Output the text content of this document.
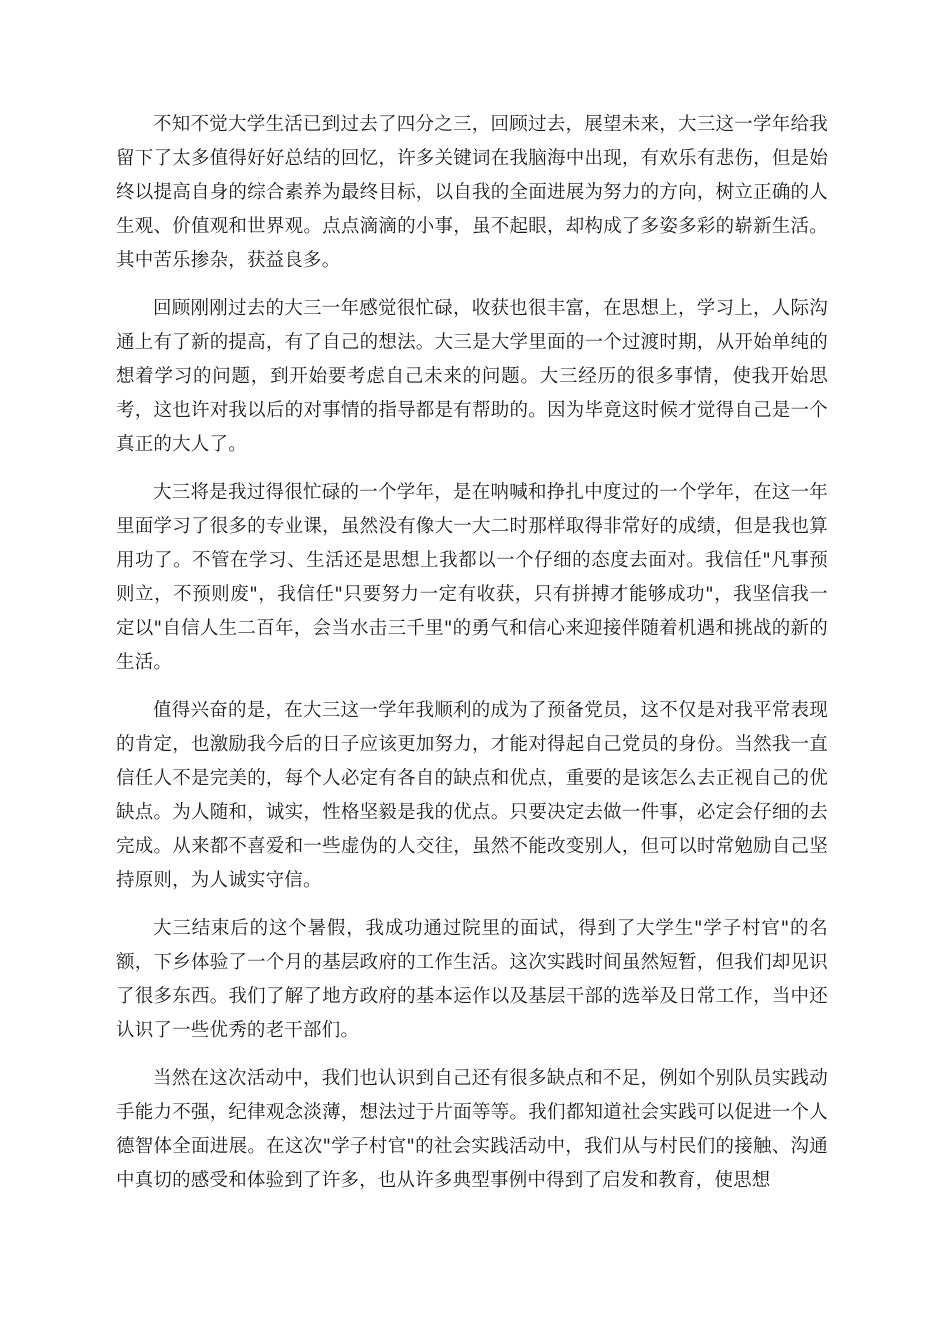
不知不觉大学生活已到过去了四分之三，回顾过去，展望未来，大三这一学年给我留下了太多值得好好总结的回忆，许多关键词在我脑海中出现，有欢乐有悲伤，但是始终以提高自身的综合素养为最终目标，以自我的全面进展为努力的方向，树立正确的人生观、价值观和世界观。点点滴滴的小事，虽不起眼，却构成了多姿多彩的崭新生活。其中苦乐掺杂，获益良多。

回顾刚刚过去的大三一年感觉很忙碌，收获也很丰富，在思想上，学习上，人际沟通上有了新的提高，有了自己的想法。大三是大学里面的一个过渡时期，从开始单纯的想着学习的问题，到开始要考虑自己未来的问题。大三经历的很多事情，使我开始思考，这也许对我以后的对事情的指导都是有帮助的。因为毕竟这时候才觉得自己是一个真正的大人了。

大三将是我过得很忙碌的一个学年，是在呐喊和挣扎中度过的一个学年，在这一年里面学习了很多的专业课，虽然没有像大一大二时那样取得非常好的成绩，但是我也算用功了。不管在学习、生活还是思想上我都以一个仔细的态度去面对。我信任"凡事预则立，不预则废"，我信任"只要努力一定有收获，只有拼搏才能够成功"，我坚信我一定以"自信人生二百年，会当水击三千里"的勇气和信心来迎接伴随着机遇和挑战的新的生活。

值得兴奋的是，在大三这一学年我顺利的成为了预备党员，这不仅是对我平常表现的肯定，也激励我今后的日子应该更加努力，才能对得起自己党员的身份。当然我一直信任人不是完美的，每个人必定有各自的缺点和优点，重要的是该怎么去正视自己的优缺点。为人随和，诚实，性格坚毅是我的优点。只要决定去做一件事，必定会仔细的去完成。从来都不喜爱和一些虚伪的人交往，虽然不能改变别人，但可以时常勉励自己坚持原则，为人诚实守信。

大三结束后的这个暑假，我成功通过院里的面试，得到了大学生"学子村官"的名额，下乡体验了一个月的基层政府的工作生活。这次实践时间虽然短暂，但我们却见识了很多东西。我们了解了地方政府的基本运作以及基层干部的选举及日常工作，当中还认识了一些优秀的老干部们。

当然在这次活动中，我们也认识到自己还有很多缺点和不足，例如个别队员实践动手能力不强，纪律观念淡薄，想法过于片面等等。我们都知道社会实践可以促进一个人德智体全面进展。在这次"学子村官"的社会实践活动中，我们从与村民们的接触、沟通中真切的感受和体验到了许多，也从许多典型事例中得到了启发和教育，使思想
